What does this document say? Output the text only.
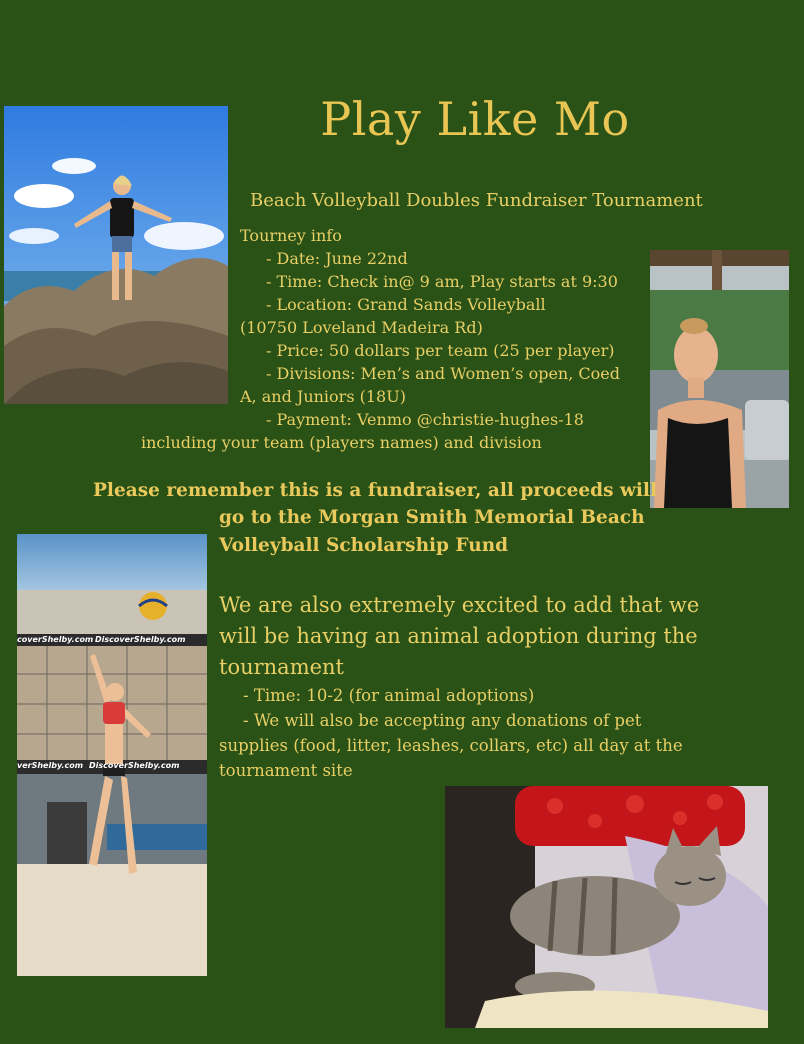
Play Like Mo
Beach Volleyball Doubles Fundraiser Tournament
Tourney info
- Date: June 22nd
- Time: Check in@ 9 am, Play starts at 9:30
- Location: Grand Sands Volleyball
(10750 Loveland Madeira Rd)
- Price: 50 dollars per team (25 per player)
- Divisions: Men’s and Women’s open, Coed
A, and Juniors (18U)
- Payment: Venmo @christie-hughes-18
including your team (players names) and division
Please remember this is a fundraiser, all proceeds will
go to the Morgan Smith Memorial Beach
Volleyball Scholarship Fund
coverShelby.com DiscoverShelby.com
verShelby.com DiscoverShelby.com
We are also extremely excited to add that we
will be having an animal adoption during the
tournament
- Time: 10-2 (for animal adoptions)
- We will also be accepting any donations of pet
supplies (food, litter, leashes, collars, etc) all day at the
tournament site
